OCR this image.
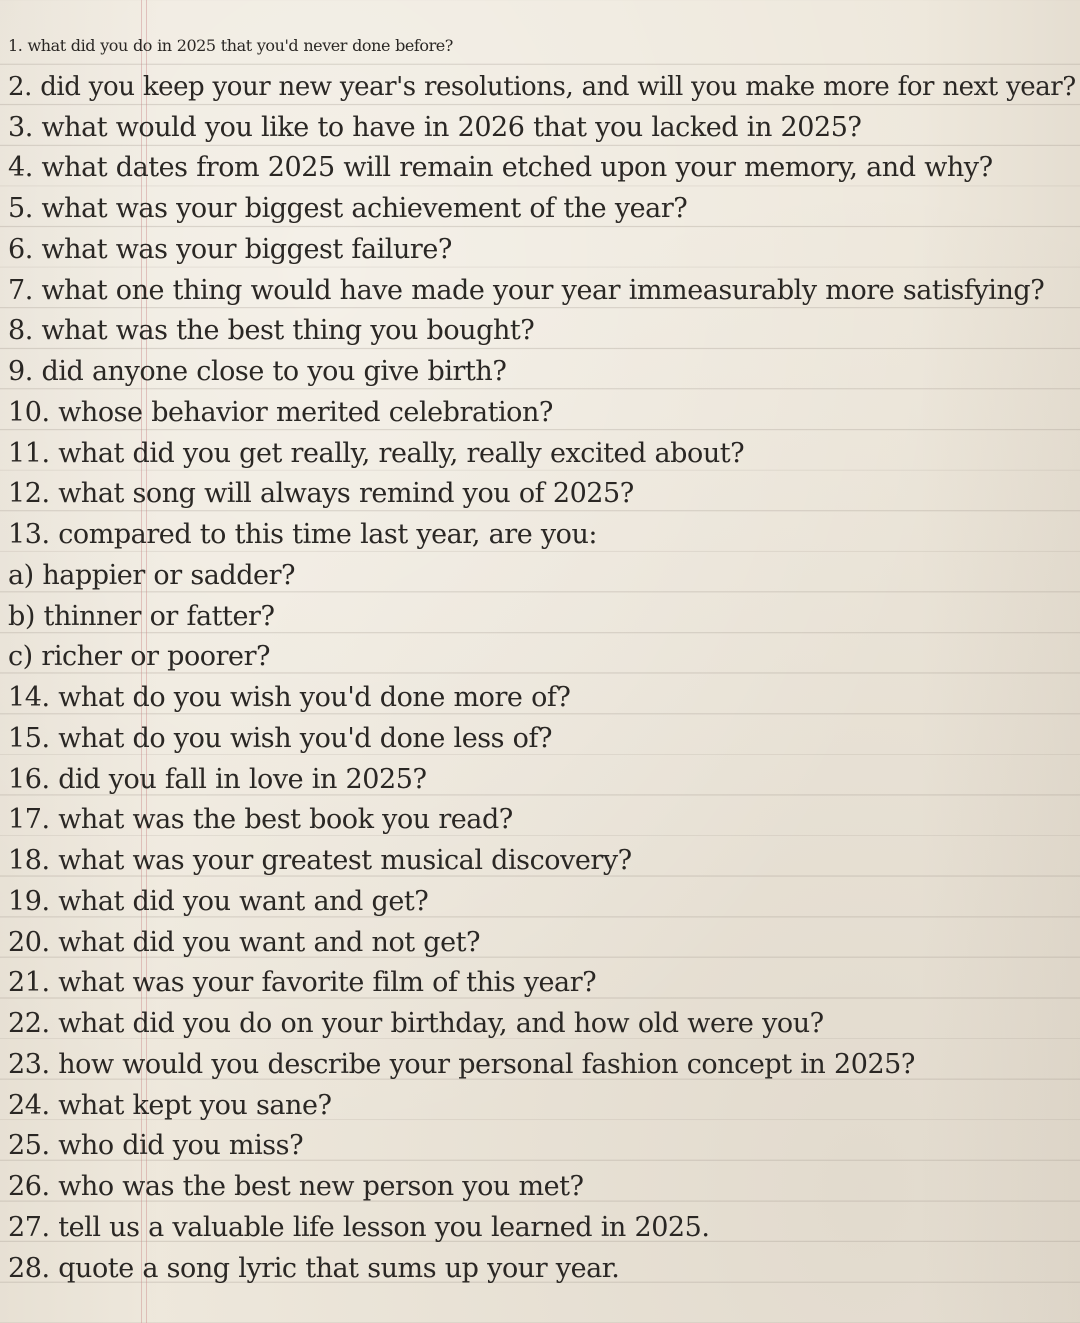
1. what did you do in 2025 that you'd never done before?
2. did you keep your new year's resolutions, and will you make more for next year?
3. what would you like to have in 2026 that you lacked in 2025?
4. what dates from 2025 will remain etched upon your memory, and why?
5. what was your biggest achievement of the year?
6. what was your biggest failure?
7. what one thing would have made your year immeasurably more satisfying?
8. what was the best thing you bought?
9. did anyone close to you give birth?
10. whose behavior merited celebration?
11. what did you get really, really, really excited about?
12. what song will always remind you of 2025?
13. compared to this time last year, are you:
a) happier or sadder?
b) thinner or fatter?
c) richer or poorer?
14. what do you wish you'd done more of?
15. what do you wish you'd done less of?
16. did you fall in love in 2025?
17. what was the best book you read?
18. what was your greatest musical discovery?
19. what did you want and get?
20. what did you want and not get?
21. what was your favorite film of this year?
22. what did you do on your birthday, and how old were you?
23. how would you describe your personal fashion concept in 2025?
24. what kept you sane?
25. who did you miss?
26. who was the best new person you met?
27. tell us a valuable life lesson you learned in 2025.
28. quote a song lyric that sums up your year.
